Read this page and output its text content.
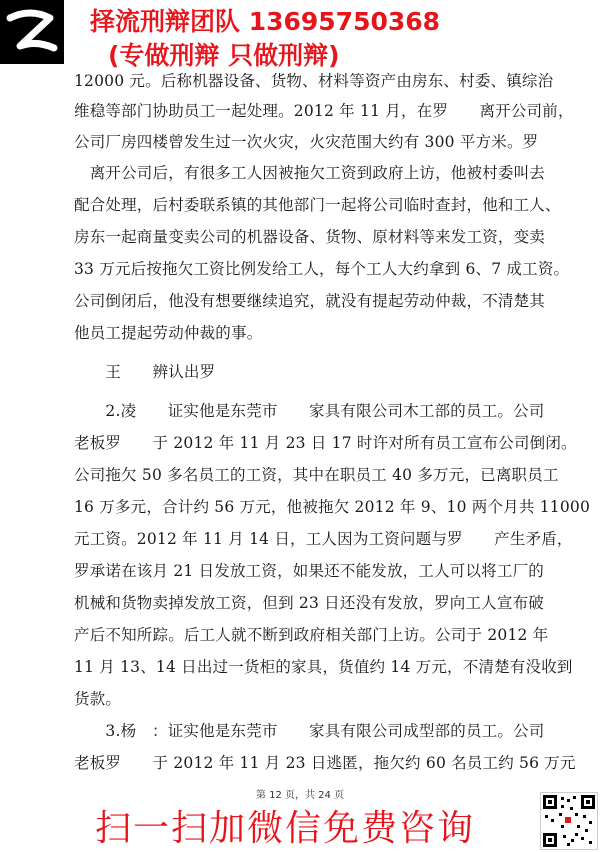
择流刑辩团队 13695750368
(专做刑辩 只做刑辩)
12000 元。后称机器设备、货物、材料等资产由房东、村委、镇综治
维稳等部门协助员工一起处理。2012 年 11 月，在罗　　离开公司前，
公司厂房四楼曾发生过一次火灾，火灾范围大约有 300 平方米。罗
　离开公司后，有很多工人因被拖欠工资到政府上访，他被村委叫去
配合处理，后村委联系镇的其他部门一起将公司临时查封，他和工人、
房东一起商量变卖公司的机器设备、货物、原材料等来发工资，变卖
33 万元后按拖欠工资比例发给工人，每个工人大约拿到 6、7 成工资。
公司倒闭后，他没有想要继续追究，就没有提起劳动仲裁，不清楚其
他员工提起劳动仲裁的事。
　　王　　辨认出罗
　　2.凌　　证实他是东莞市　　家具有限公司木工部的员工。公司
老板罗　　于 2012 年 11 月 23 日 17 时许对所有员工宣布公司倒闭。
公司拖欠 50 多名员工的工资，其中在职员工 40 多万元，已离职员工
16 万多元，合计约 56 万元，他被拖欠 2012 年 9、10 两个月共 11000
元工资。2012 年 11 月 14 日，工人因为工资问题与罗　　产生矛盾，
罗承诺在该月 21 日发放工资，如果还不能发放，工人可以将工厂的
机械和货物卖掉发放工资，但到 23 日还没有发放，罗向工人宣布破
产后不知所踪。后工人就不断到政府相关部门上访。公司于 2012 年
11 月 13、14 日出过一货柜的家具，货值约 14 万元，不清楚有没收到
货款。
　　3.杨　：证实他是东莞市　　家具有限公司成型部的员工。公司
老板罗　　于 2012 年 11 月 23 日逃匿，拖欠约 60 名员工约 56 万元
第 12 页，共 24 页
扫一扫加微信免费咨询
